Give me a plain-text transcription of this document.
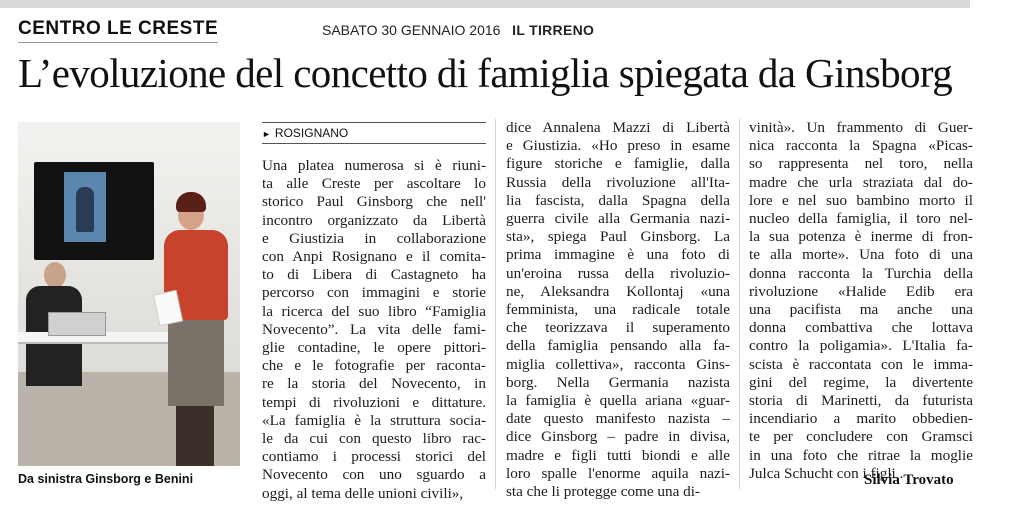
CENTRO LE CRESTE	SABATO 30 GENNAIO 2016 IL TIRRENO
L’evoluzione del concetto di famiglia spiegata da Ginsborg
Da sinistra Ginsborg e Benini
► ROSIGNANO

Una platea numerosa si è riuni-

ta alle Creste per ascoltare lo

storico Paul Ginsborg che nell'

incontro organizzato da Libertà

e Giustizia in collaborazione

con Anpi Rosignano e il comita-

to di Libera di Castagneto ha

percorso con immagini e storie

la ricerca del suo libro “Famiglia

Novecento”. La vita delle fami-

glie contadine, le opere pittori-

che e le fotografie per raconta-

re la storia del Novecento, in

tempi di rivoluzioni e dittature.

«La famiglia è la struttura socia-

le da cui con questo libro rac-

contiamo i processi storici del

Novecento con uno sguardo a

oggi, al tema delle unioni civili»,

dice Annalena Mazzi di Libertà

e Giustizia. «Ho preso in esame

figure storiche e famiglie, dalla

Russia della rivoluzione all'Ita-

lia fascista, dalla Spagna della

guerra civile alla Germania nazi-

sta», spiega Paul Ginsborg. La

prima immagine è una foto di

un'eroina russa della rivoluzio-

ne, Aleksandra Kollontaj «una

femminista, una radicale totale

che teorizzava il superamento

della famiglia pensando alla fa-

miglia collettiva», racconta Gins-

borg. Nella Germania nazista

la famiglia è quella ariana «guar-

date questo manifesto nazista –

dice Ginsborg – padre in divisa,

madre e figli tutti biondi e alle

loro spalle l'enorme aquila nazi-

sta che li protegge come una di-

vinità». Un frammento di Guer-

nica racconta la Spagna «Picas-

so rappresenta nel toro, nella

madre che urla straziata dal do-

lore e nel suo bambino morto il

nucleo della famiglia, il toro nel-

la sua potenza è inerme di fron-

te alla morte». Una foto di una

donna racconta la Turchia della

rivoluzione «Halide Edib era

una pacifista ma anche una

donna combattiva che lottava

contro la poligamia». L'Italia fa-

scista è raccontata con le imma-

gini del regime, la divertente

storia di Marinetti, da futurista

incendiario a marito obbedien-

te per concludere con Gramsci

in una foto che ritrae la moglie

Julca Schucht con i figli .

Silvia Trovato
